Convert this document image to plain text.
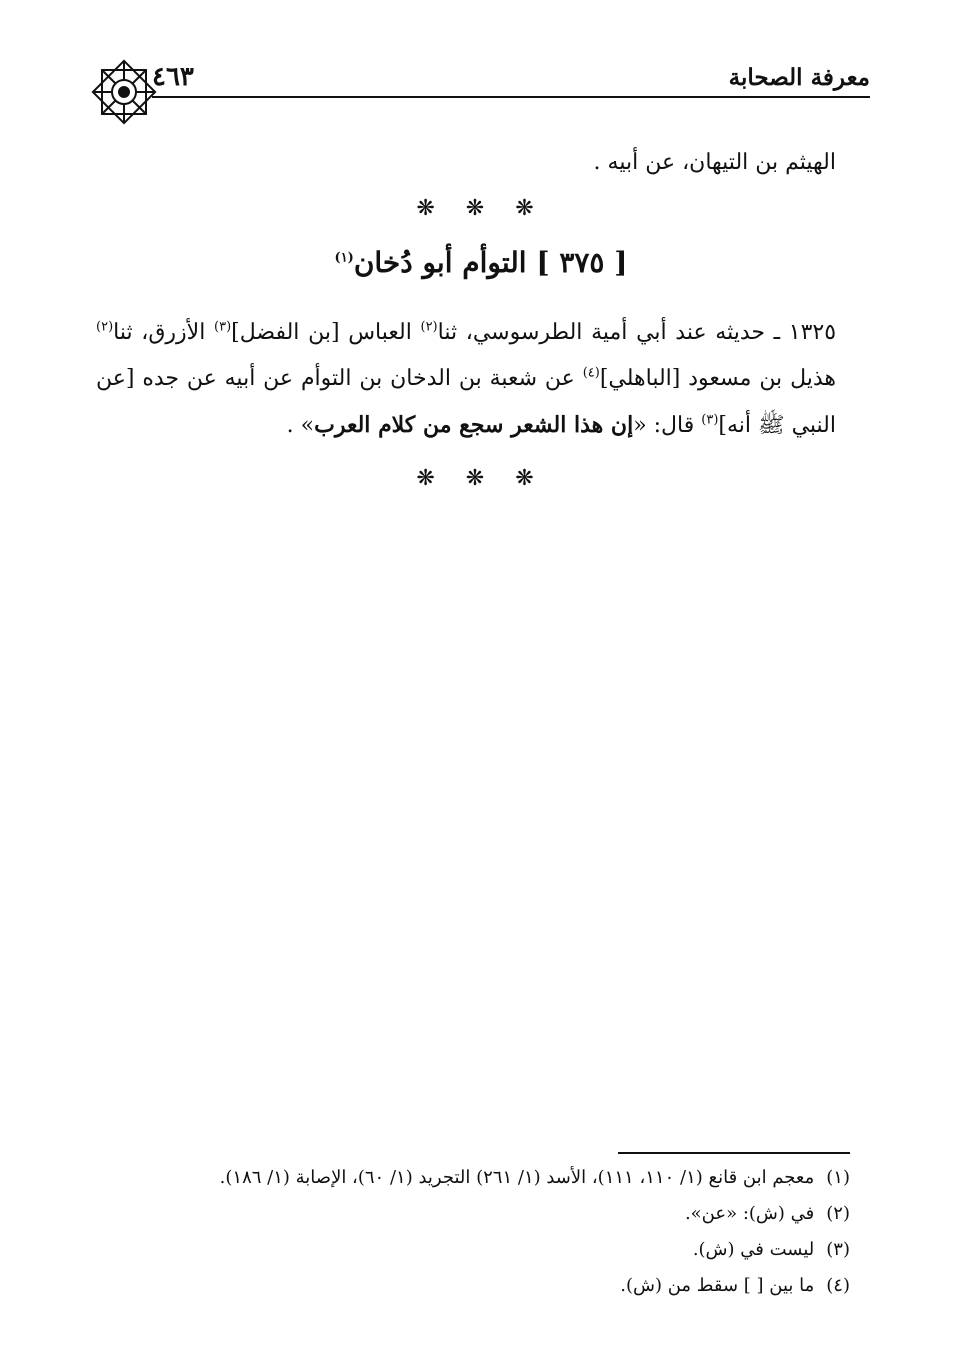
معرفة الصحابة
٤٦٣
الهيثم بن التيهان، عن أبيه .
❋ ❋ ❋
[ ٣٧٥ ] التوأم أبو دُخان$^{(١)}$
١٣٢٥ ـ حديثه عند أبي أمية الطرسوسي، ثنا$^{(٢)}$ العباس [بن الفضل]$^{(٣)}$ الأزرق، ثنا$^{(٢)}$ هذيل بن مسعود [الباهلي]$^{(٤)}$ عن شعبة بن الدخان بن التوأم عن أبيه عن جده [عن النبي ﷺ أنه]$^{(٣)}$ قال: «إن هذا الشعر سجع من كلام العرب» .
❋ ❋ ❋
(١) معجم ابن قانع (١/ ١١٠، ١١١)، الأسد (١/ ٢٦١) التجريد (١/ ٦٠)، الإصابة (١/ ١٨٦).
(٢) في (ش): «عن».
(٣) ليست في (ش).
(٤) ما بين [ ] سقط من (ش).
